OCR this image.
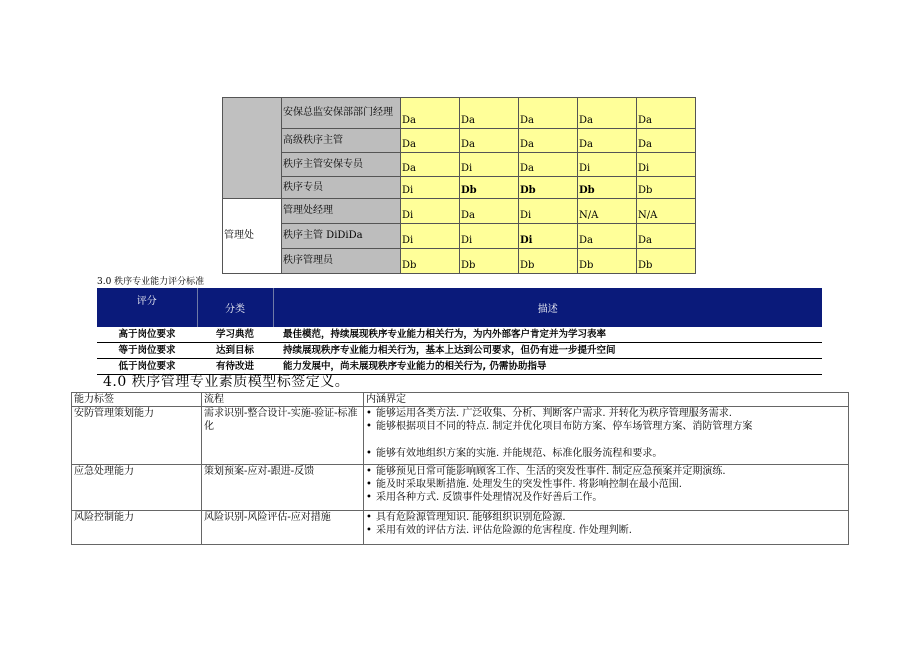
	安保总监安保部部门经理	Da	Da	Da	Da	Da
	高级秩序主管	Da	Da	Da	Da	Da
	秩序主管安保专员	Da	Di	Da	Di	Di
	秩序专员	Di	Db	Db	Db	Db
管理处	管理处经理	Di	Da	Di	N/A	N/A
	秩序主管 DiDiDa	Di	Di	Di	Da	Da
	秩序管理员	Db	Db	Db	Db	Db
3.0 秩序专业能力评分标准
评分	分类	描述
高于岗位要求	学习典范	最佳模范，持续展现秩序专业能力相关行为，为内外部客户肯定并为学习表率
等于岗位要求	达到目标	持续展现秩序专业能力相关行为，基本上达到公司要求，但仍有进一步提升空间
低于岗位要求	有待改进	能力发展中，尚未展现秩序专业能力的相关行为, 仍需协助指导
4.0 秩序管理专业素质模型标签定义。
能力标签	流程	内涵界定
安防管理策划能力	需求识别-整合设计-实施-验证-标准化	• 能够运用各类方法. 广泛收集、分析、判断客户需求. 并转化为秩序管理服务需求.
• 能够根据项目不同的特点. 制定并优化项目布防方案、停车场管理方案、消防管理方案
• 能够有效地组织方案的实施. 并能规范、标准化服务流程和要求。

应急处理能力	策划预案-应对-跟进-反馈	• 能够预见日常可能影响顾客工作、生活的突发性事件. 制定应急预案并定期演练.
• 能及时采取果断措施. 处理发生的突发性事件. 将影响控制在最小范围.
• 采用各种方式. 反馈事件处理情况及作好善后工作。

风险控制能力	风险识别-风险评估-应对措施	• 具有危险源管理知识. 能够组织识别危险源.
• 采用有效的评估方法. 评估危险源的危害程度. 作处理判断.
